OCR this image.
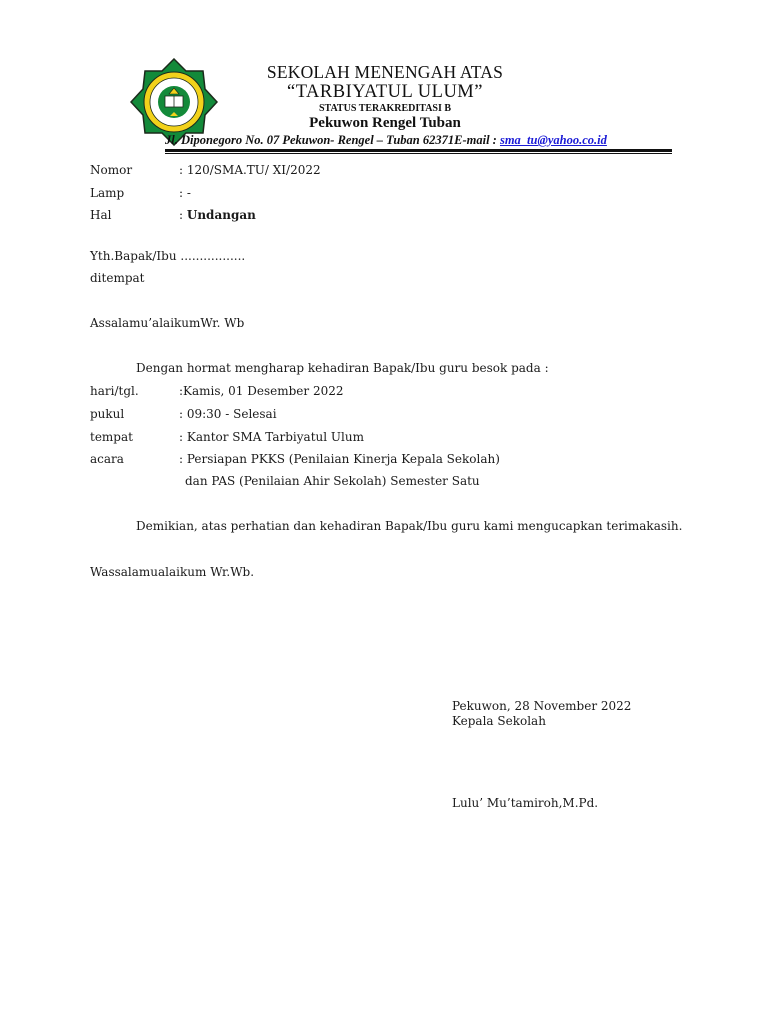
SEKOLAH MENENGAH ATAS
“TARBIYATUL ULUM”
STATUS TERAKREDITASI B
Pekuwon Rengel Tuban
Jl. Diponegoro No. 07 Pekuwon- Rengel – Tuban 62371E-mail : sma_tu@yahoo.co.id
Nomor	: 120/SMA.TU/ XI/2022
Lamp	: -
Hal	: Undangan
Yth.Bapak/Ibu .................
ditempat
Assalamu’alaikumWr. Wb
Dengan hormat mengharap kehadiran Bapak/Ibu guru besok pada :
hari/tgl.	:Kamis, 01 Desember 2022
pukul	: 09:30 - Selesai
tempat	: Kantor SMA Tarbiyatul Ulum
acara	: Persiapan PKKS (Penilaian Kinerja Kepala Sekolah)
dan PAS (Penilaian Ahir Sekolah) Semester Satu
Demikian, atas perhatian dan kehadiran Bapak/Ibu guru kami mengucapkan terimakasih.
Wassalamualaikum Wr.Wb.
Pekuwon, 28 November 2022
Kepala Sekolah
Lulu’ Mu’tamiroh,M.Pd.
